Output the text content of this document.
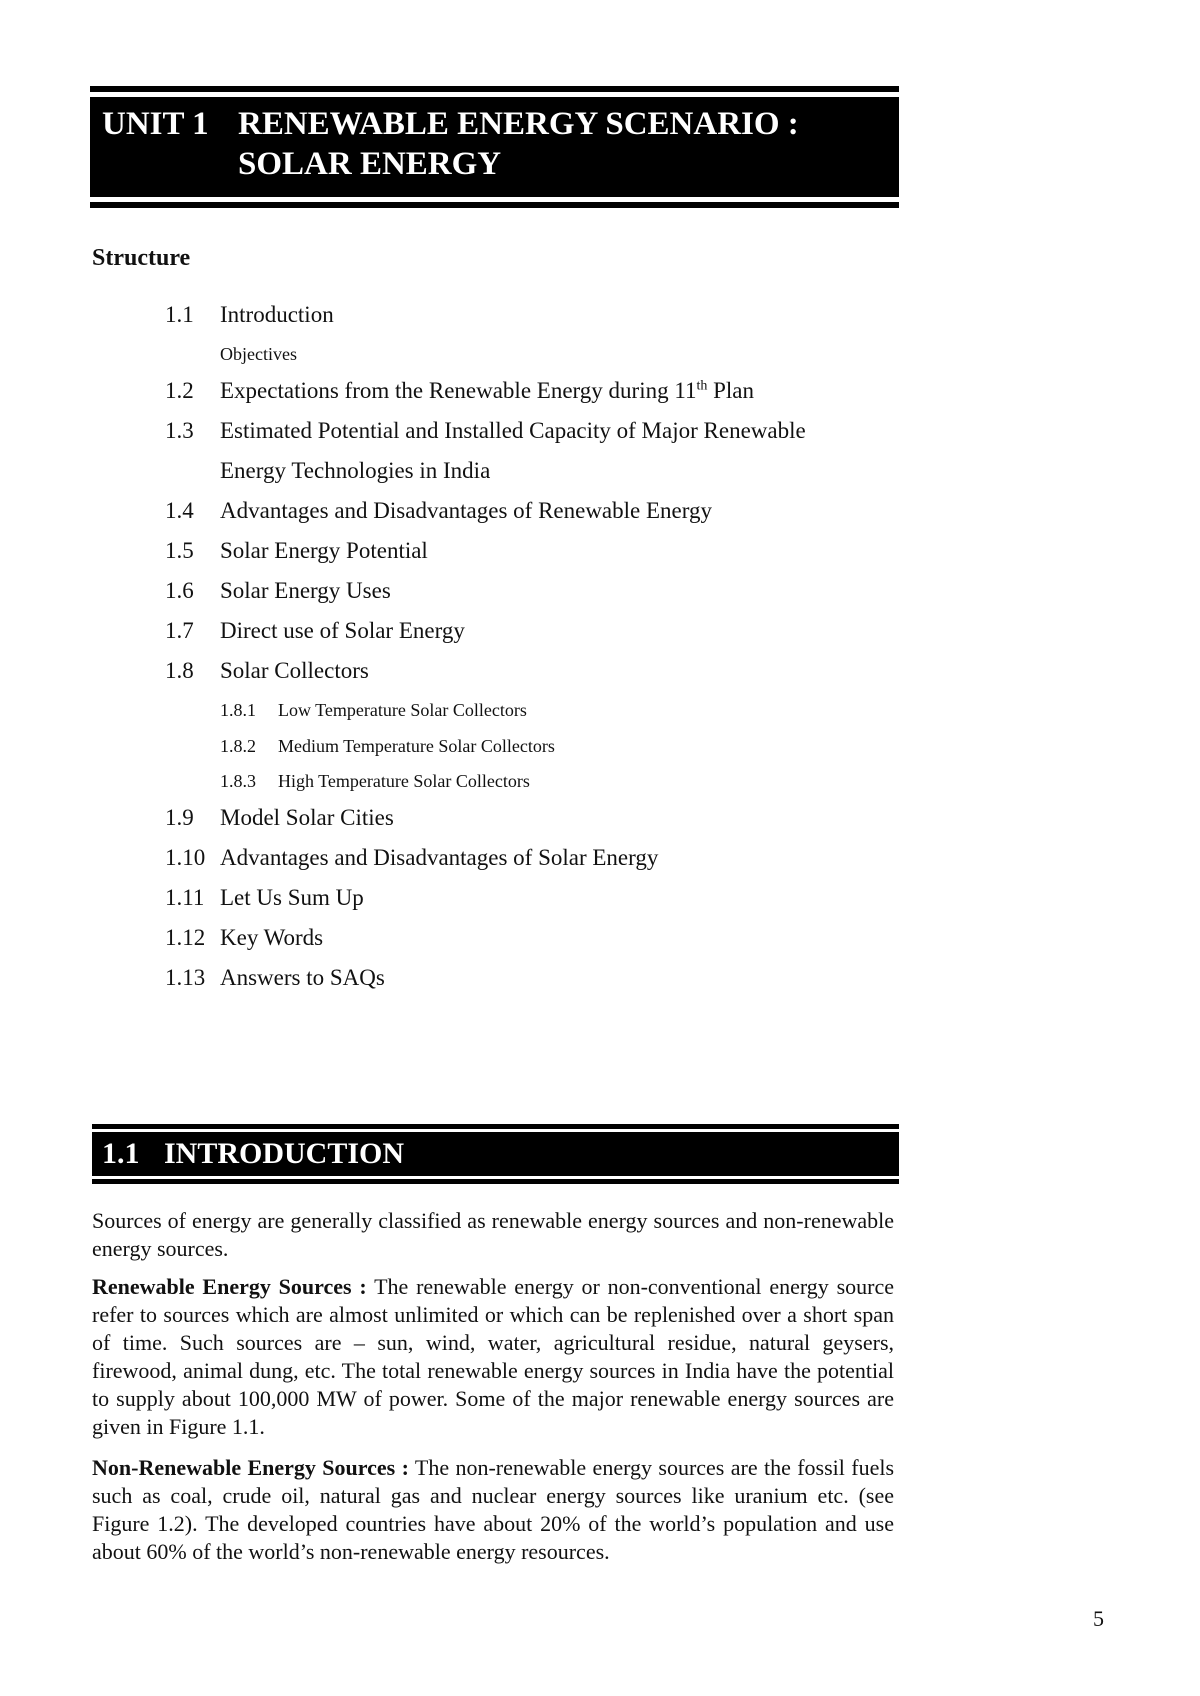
UNIT 1 RENEWABLE ENERGY SCENARIO :
SOLAR ENERGY
Structure
1.1 Introduction
Objectives
1.2 Expectations from the Renewable Energy during 11th Plan
1.3 Estimated Potential and Installed Capacity of Major Renewable
Energy Technologies in India
1.4 Advantages and Disadvantages of Renewable Energy
1.5 Solar Energy Potential
1.6 Solar Energy Uses
1.7 Direct use of Solar Energy
1.8 Solar Collectors
1.8.1 Low Temperature Solar Collectors
1.8.2 Medium Temperature Solar Collectors
1.8.3 High Temperature Solar Collectors
1.9 Model Solar Cities
1.10 Advantages and Disadvantages of Solar Energy
1.11 Let Us Sum Up
1.12 Key Words
1.13 Answers to SAQs
1.1 INTRODUCTION

Sources of energy are generally classified as renewable energy sources and non-renewable energy sources.

Renewable Energy Sources : The renewable energy or non-conventional energy source refer to sources which are almost unlimited or which can be replenished over a short span of time. Such sources are – sun, wind, water, agricultural residue, natural geysers, firewood, animal dung, etc. The total renewable energy sources in India have the potential to supply about 100,000 MW of power. Some of the major renewable energy sources are given in Figure 1.1.

Non-Renewable Energy Sources : The non-renewable energy sources are the fossil fuels such as coal, crude oil, natural gas and nuclear energy sources like uranium etc. (see Figure 1.2). The developed countries have about 20% of the world’s population and use about 60% of the world’s non-renewable energy resources.

5
